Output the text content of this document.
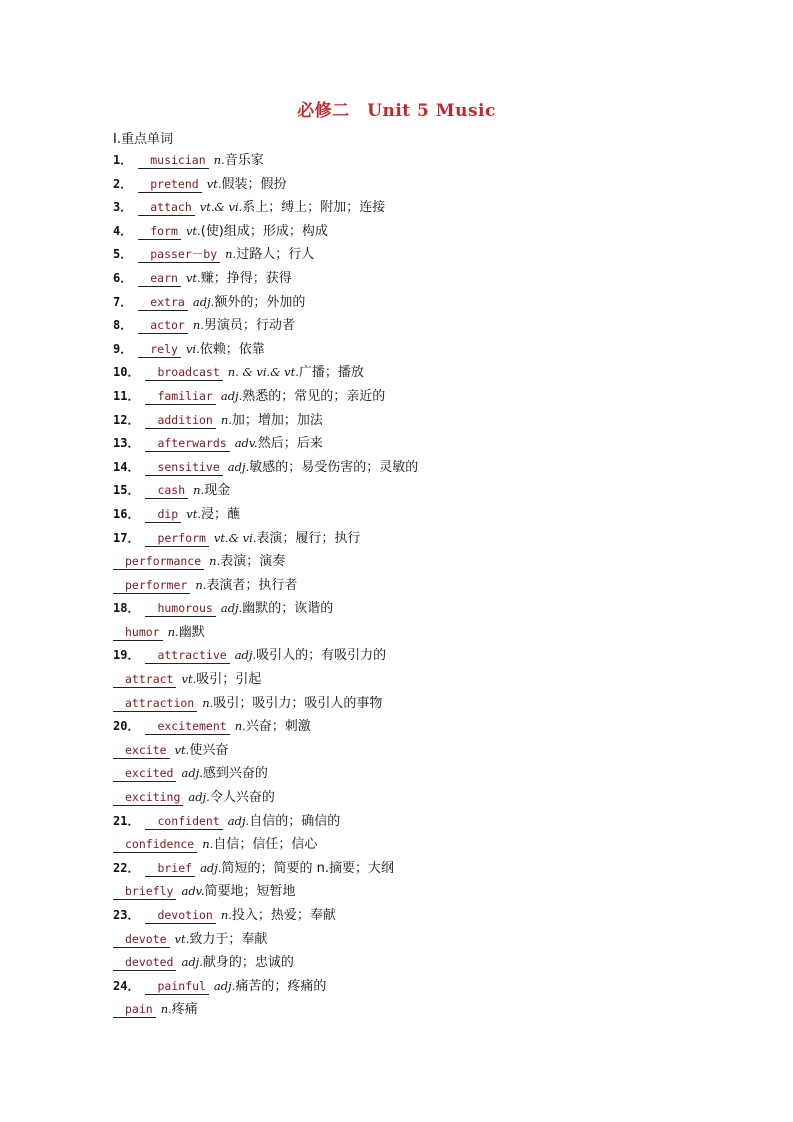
必修二　Unit 5 Music
Ⅰ.重点单词
1． musician n.音乐家
2． pretend vt.假装；假扮
3． attach vt.& vi.系上；缚上；附加；连接
4． form vt.(使)组成；形成；构成
5． passer－by n.过路人；行人
6． earn vt.赚；挣得；获得
7． extra adj.额外的；外加的
8． actor n.男演员；行动者
9． rely vi.依赖；依靠
10． broadcast n. & vi.& vt.广播；播放
11． familiar adj.熟悉的；常见的；亲近的
12． addition n.加；增加；加法
13． afterwards adv.然后；后来
14． sensitive adj.敏感的；易受伤害的；灵敏的
15． cash n.现金
16． dip vt.浸；蘸
17． perform vt.& vi.表演；履行；执行
performance n.表演；演奏
performer n.表演者；执行者
18． humorous adj.幽默的；诙谐的
humor n.幽默
19． attractive adj.吸引人的；有吸引力的
attract vt.吸引；引起
attraction n.吸引；吸引力；吸引人的事物
20． excitement n.兴奋；刺激
excite vt.使兴奋
excited adj.感到兴奋的
exciting adj.令人兴奋的
21． confident adj.自信的；确信的
confidence n.自信；信任；信心
22． brief adj.简短的；简要的 n.摘要；大纲
briefly adv.简要地；短暂地
23． devotion n.投入；热爱；奉献
devote vt.致力于；奉献
devoted adj.献身的；忠诚的
24． painful adj.痛苦的；疼痛的
pain n.疼痛
